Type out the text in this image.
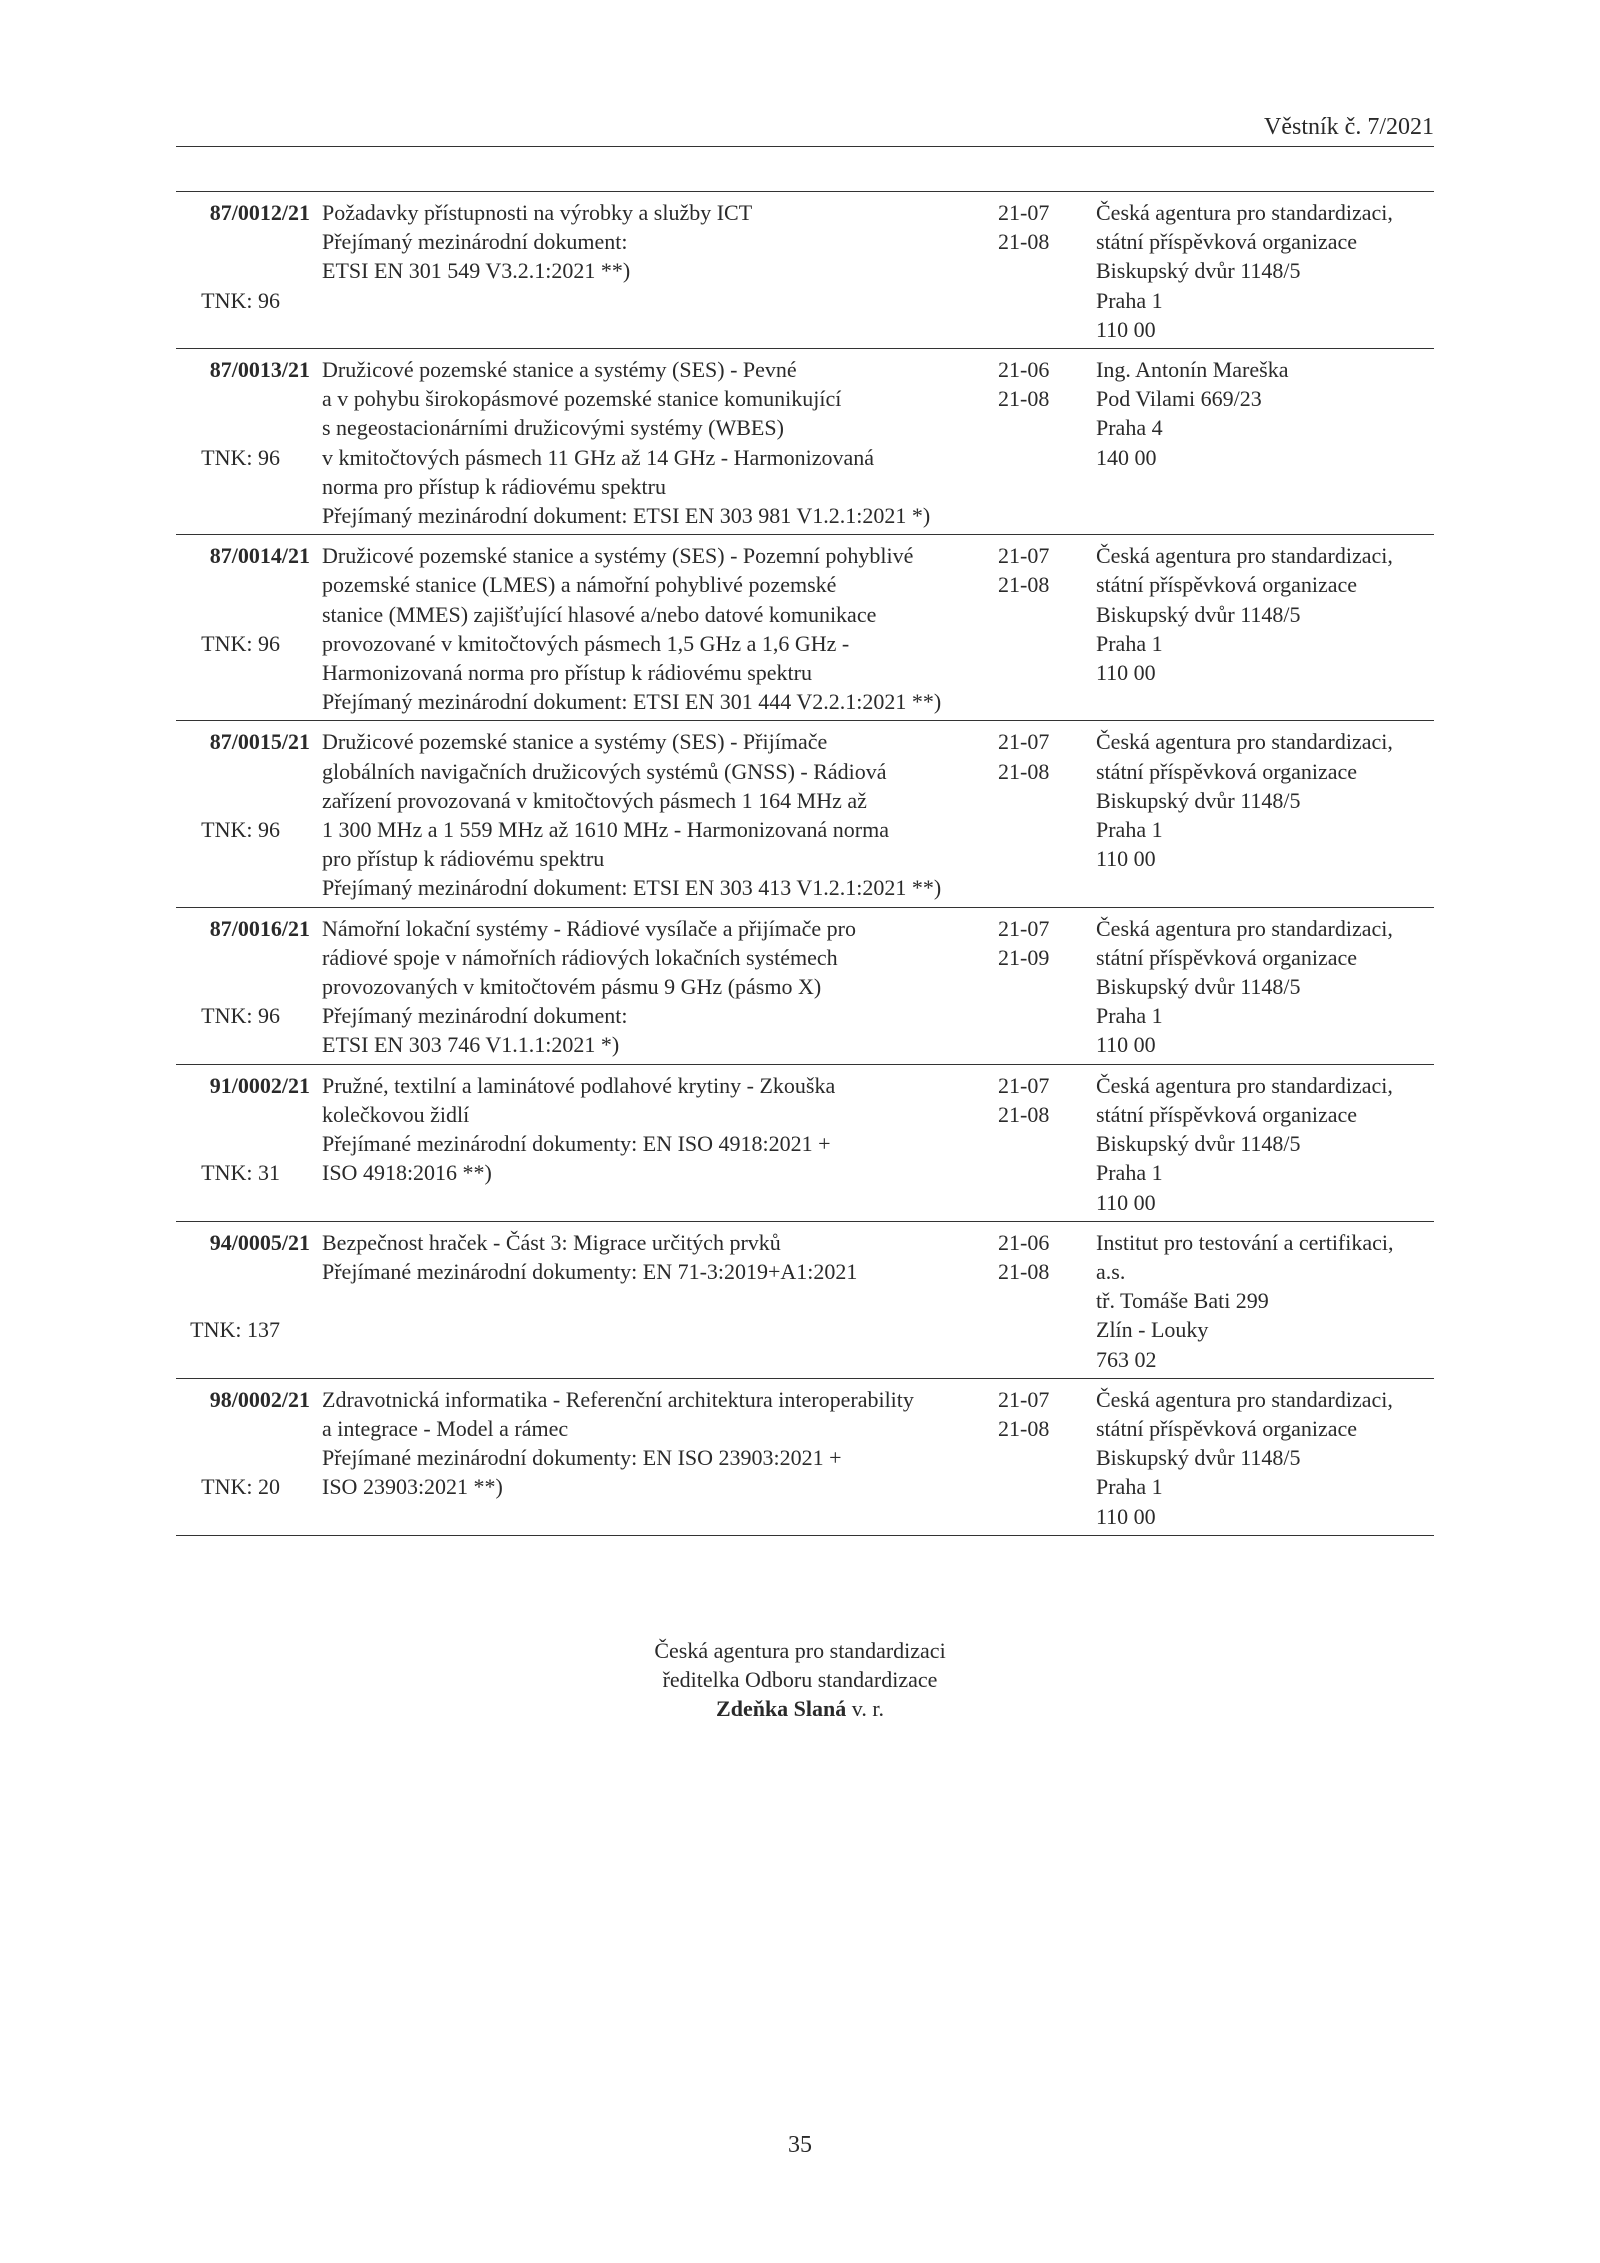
Věstník č. 7/2021
87/0012/21
TNK: 96
Požadavky přístupnosti na výrobky a služby ICT
Přejímaný mezinárodní dokument:
ETSI EN 301 549 V3.2.1:2021 **)
21-07
21-08
Česká agentura pro standardizaci,
státní příspěvková organizace
Biskupský dvůr 1148/5
Praha 1
110 00
87/0013/21
TNK: 96
Družicové pozemské stanice a systémy (SES) - Pevné
a v pohybu širokopásmové pozemské stanice komunikující
s negeostacionárními družicovými systémy (WBES)
v kmitočtových pásmech 11 GHz až 14 GHz - Harmonizovaná
norma pro přístup k rádiovému spektru
Přejímaný mezinárodní dokument: ETSI EN 303 981 V1.2.1:2021 *)
21-06
21-08
Ing. Antonín Mareška
Pod Vilami 669/23
Praha 4
140 00
87/0014/21
TNK: 96
Družicové pozemské stanice a systémy (SES) - Pozemní pohyblivé
pozemské stanice (LMES) a námořní pohyblivé pozemské
stanice (MMES) zajišťující hlasové a/nebo datové komunikace
provozované v kmitočtových pásmech 1,5 GHz a 1,6 GHz -
Harmonizovaná norma pro přístup k rádiovému spektru
Přejímaný mezinárodní dokument: ETSI EN 301 444 V2.2.1:2021 **)
21-07
21-08
Česká agentura pro standardizaci,
státní příspěvková organizace
Biskupský dvůr 1148/5
Praha 1
110 00
87/0015/21
TNK: 96
Družicové pozemské stanice a systémy (SES) - Přijímače
globálních navigačních družicových systémů (GNSS) - Rádiová
zařízení provozovaná v kmitočtových pásmech 1 164 MHz až
1 300 MHz a 1 559 MHz až 1610 MHz - Harmonizovaná norma
pro přístup k rádiovému spektru
Přejímaný mezinárodní dokument: ETSI EN 303 413 V1.2.1:2021 **)
21-07
21-08
Česká agentura pro standardizaci,
státní příspěvková organizace
Biskupský dvůr 1148/5
Praha 1
110 00
87/0016/21
TNK: 96
Námořní lokační systémy - Rádiové vysílače a přijímače pro
rádiové spoje v námořních rádiových lokačních systémech
provozovaných v kmitočtovém pásmu 9 GHz (pásmo X)
Přejímaný mezinárodní dokument:
ETSI EN 303 746 V1.1.1:2021 *)
21-07
21-09
Česká agentura pro standardizaci,
státní příspěvková organizace
Biskupský dvůr 1148/5
Praha 1
110 00
91/0002/21
TNK: 31
Pružné, textilní a laminátové podlahové krytiny - Zkouška
kolečkovou židlí
Přejímané mezinárodní dokumenty: EN ISO 4918:2021 +
ISO 4918:2016 **)
21-07
21-08
Česká agentura pro standardizaci,
státní příspěvková organizace
Biskupský dvůr 1148/5
Praha 1
110 00
94/0005/21
TNK: 137
Bezpečnost hraček - Část 3: Migrace určitých prvků
Přejímané mezinárodní dokumenty: EN 71-3:2019+A1:2021
21-06
21-08
Institut pro testování a certifikaci,
a.s.
tř. Tomáše Bati 299
Zlín - Louky
763 02
98/0002/21
TNK: 20
Zdravotnická informatika - Referenční architektura interoperability
a integrace - Model a rámec
Přejímané mezinárodní dokumenty: EN ISO 23903:2021 +
ISO 23903:2021 **)
21-07
21-08
Česká agentura pro standardizaci,
státní příspěvková organizace
Biskupský dvůr 1148/5
Praha 1
110 00
Česká agentura pro standardizaci
ředitelka Odboru standardizace
Zdeňka Slaná v. r.
35
